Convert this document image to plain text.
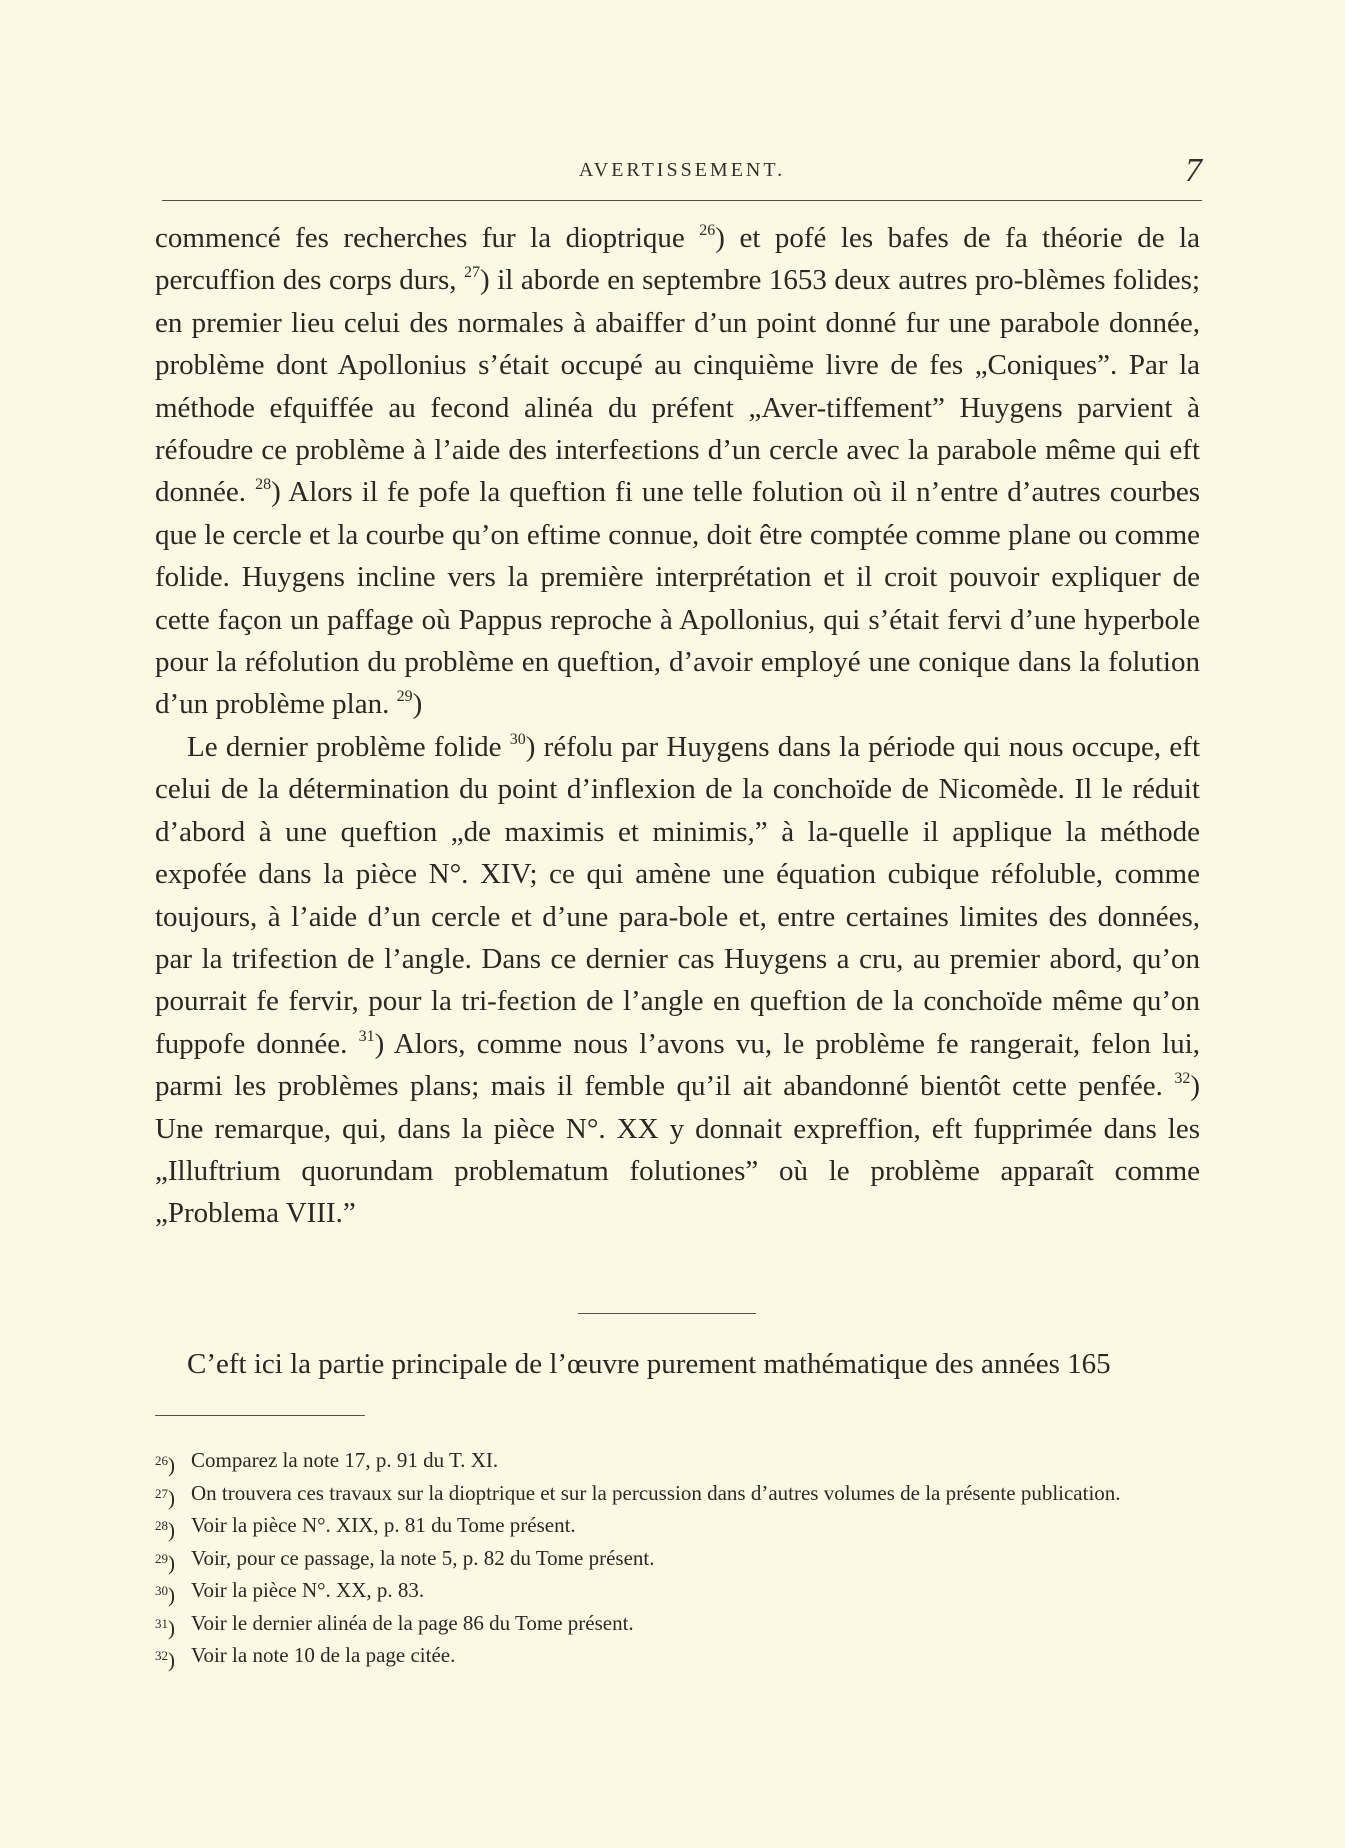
AVERTISSEMENT.	7

commencé fes recherches fur la dioptrique $^{26}$) et pofé les bafes de fa théorie de la percuffion des corps durs, $^{27}$) il aborde en septembre 1653 deux autres pro-blèmes folides; en premier lieu celui des normales à abaiffer d’un point donné fur une parabole donnée, problème dont Apollonius s’était occupé au cinquième livre de fes „Coniques”. Par la méthode efquiffée au fecond alinéa du préfent „Aver-tiffement” Huygens parvient à réfoudre ce problème à l’aide des interfeɛtions d’un cercle avec la parabole même qui eft donnée. $^{28}$) Alors il fe pofe la queftion fi une telle folution où il n’entre d’autres courbes que le cercle et la courbe qu’on eftime connue, doit être comptée comme plane ou comme folide. Huygens incline vers la première interprétation et il croit pouvoir expliquer de cette façon un paffage où Pappus reproche à Apollonius, qui s’était fervi d’une hyperbole pour la réfolution du problème en queftion, d’avoir employé une conique dans la folution d’un problème plan. $^{29}$)

Le dernier problème folide $^{30}$) réfolu par Huygens dans la période qui nous occupe, eft celui de la détermination du point d’inflexion de la conchoïde de Nicomède. Il le réduit d’abord à une queftion „de maximis et minimis,” à la-quelle il applique la méthode expofée dans la pièce N°. XIV; ce qui amène une équation cubique réfoluble, comme toujours, à l’aide d’un cercle et d’une para-bole et, entre certaines limites des données, par la trifeɛtion de l’angle. Dans ce dernier cas Huygens a cru, au premier abord, qu’on pourrait fe fervir, pour la tri-feɛtion de l’angle en queftion de la conchoïde même qu’on fuppofe donnée. $^{31}$) Alors, comme nous l’avons vu, le problème fe rangerait, felon lui, parmi les problèmes plans; mais il femble qu’il ait abandonné bientôt cette penfée. $^{32}$) Une remarque, qui, dans la pièce N°. XX y donnait expreffion, eft fupprimée dans les „Illuftrium quorundam problematum folutiones” où le problème apparaît comme „Problema VIII.”

C’eft ici la partie principale de l’œuvre purement mathématique des années 165
$^{26}$) Comparez la note 17, p. 91 du T. XI.
$^{27}$) On trouvera ces travaux sur la dioptrique et sur la percussion dans d’autres volumes de la présente publication.
$^{28}$) Voir la pièce N°. XIX, p. 81 du Tome présent.
$^{29}$) Voir, pour ce passage, la note 5, p. 82 du Tome présent.
$^{30}$) Voir la pièce N°. XX, p. 83.
$^{31}$) Voir le dernier alinéa de la page 86 du Tome présent.
$^{32}$) Voir la note 10 de la page citée.
